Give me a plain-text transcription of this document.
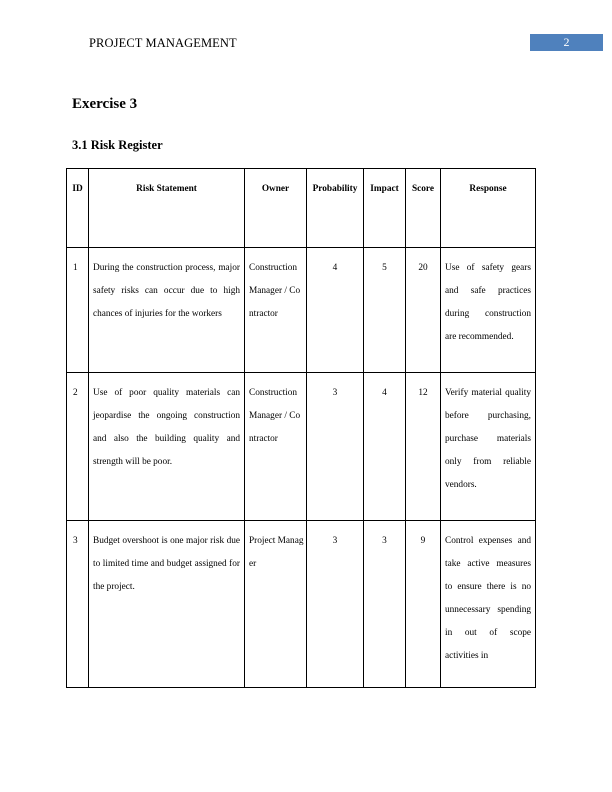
PROJECT MANAGEMENT	2
Exercise 3
3.1 Risk Register
ID	Risk Statement	Owner	Probability	Impact	Score	Response
1	During the construction process, major safety risks can occur due to high chances of injuries for the workers	Construction Manager / Contractor	4	5	20	Use of safety gears and safe practices during construction are recommended.
2	Use of poor quality materials can jeopardise the ongoing construction and also the building quality and strength will be poor.	Construction Manager / Contractor	3	4	12	Verify material quality before purchasing, purchase materials only from reliable vendors.
3	Budget overshoot is one major risk due to limited time and budget assigned for the project.	Project Manager	3	3	9	Control expenses and take active measures to ensure there is no unnecessary spending in out of scope activities in
